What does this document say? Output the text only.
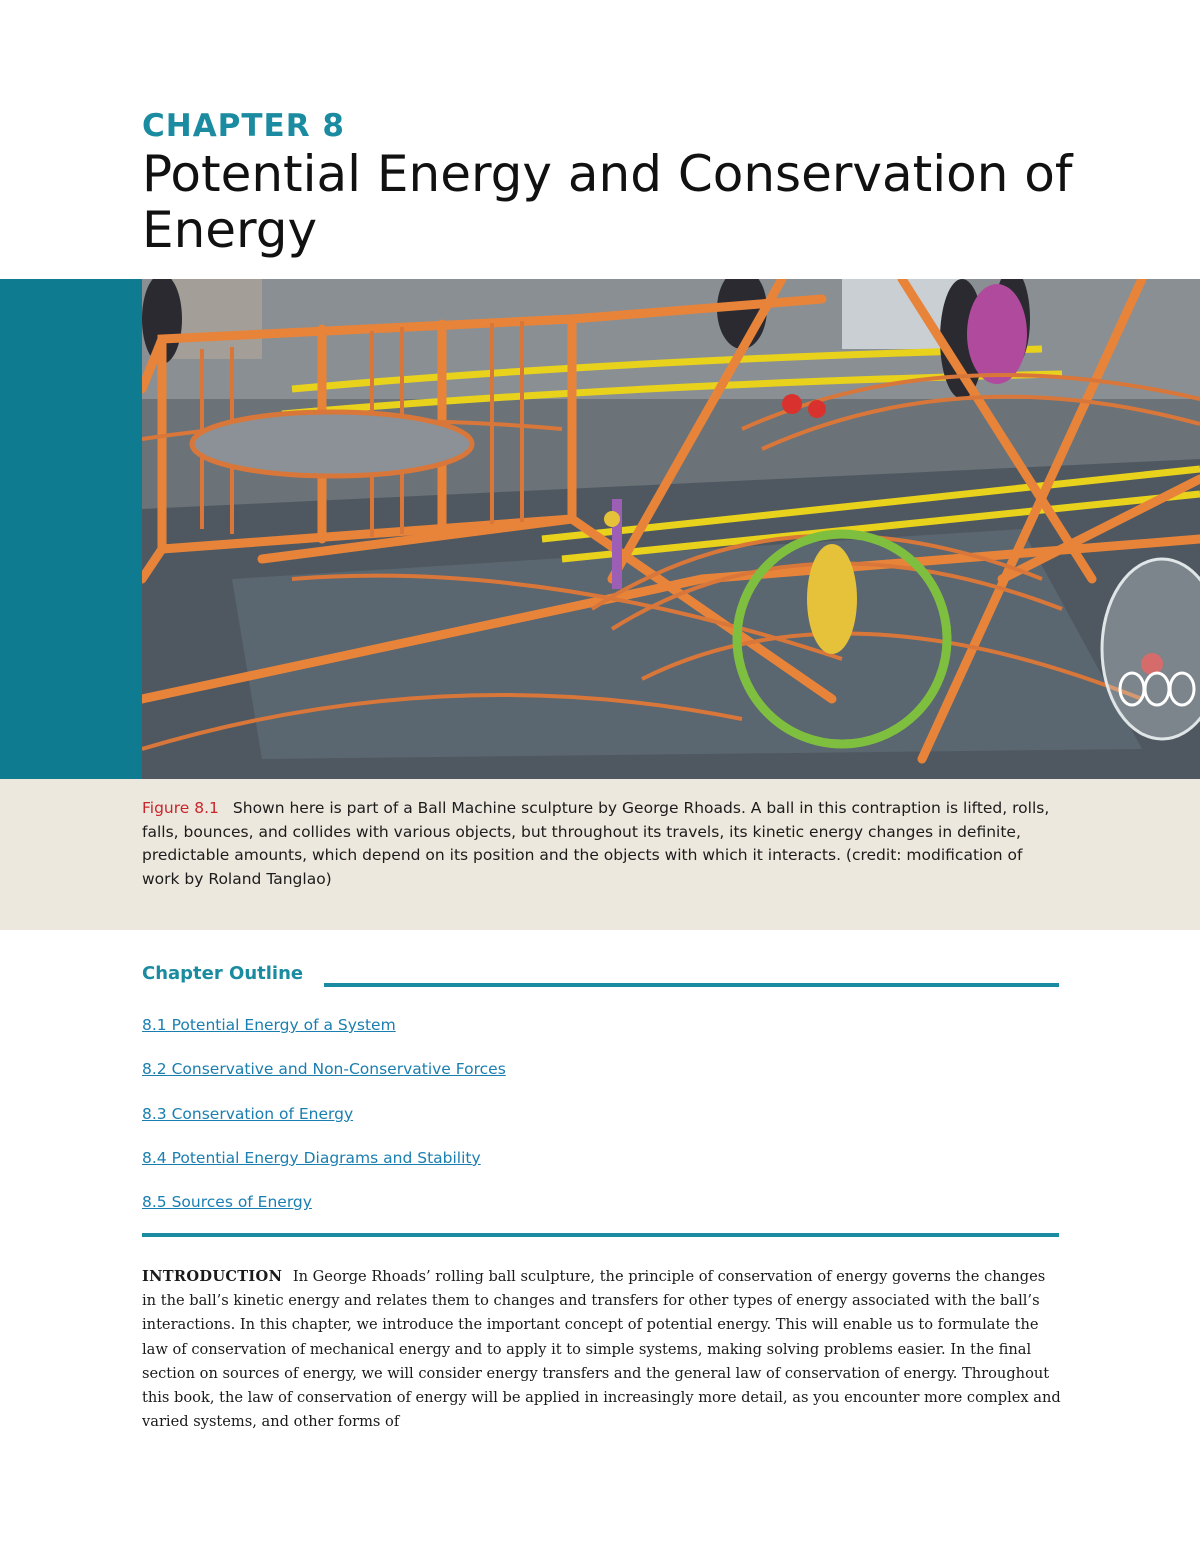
CHAPTER 8
Potential Energy and Conservation of Energy

Figure 8.1 Shown here is part of a Ball Machine sculpture by George Rhoads. A ball in this contraption is lifted, rolls, falls, bounces, and collides with various objects, but throughout its travels, its kinetic energy changes in definite, predictable amounts, which depend on its position and the objects with which it interacts. (credit: modification of work by Roland Tanglao)

Chapter Outline
8.1 Potential Energy of a System
8.2 Conservative and Non-Conservative Forces
8.3 Conservation of Energy
8.4 Potential Energy Diagrams and Stability
8.5 Sources of Energy

INTRODUCTION In George Rhoads’ rolling ball sculpture, the principle of conservation of energy governs the changes in the ball’s kinetic energy and relates them to changes and transfers for other types of energy associated with the ball’s interactions. In this chapter, we introduce the important concept of potential energy. This will enable us to formulate the law of conservation of mechanical energy and to apply it to simple systems, making solving problems easier. In the final section on sources of energy, we will consider energy transfers and the general law of conservation of energy. Throughout this book, the law of conservation of energy will be applied in increasingly more detail, as you encounter more complex and varied systems, and other forms of
